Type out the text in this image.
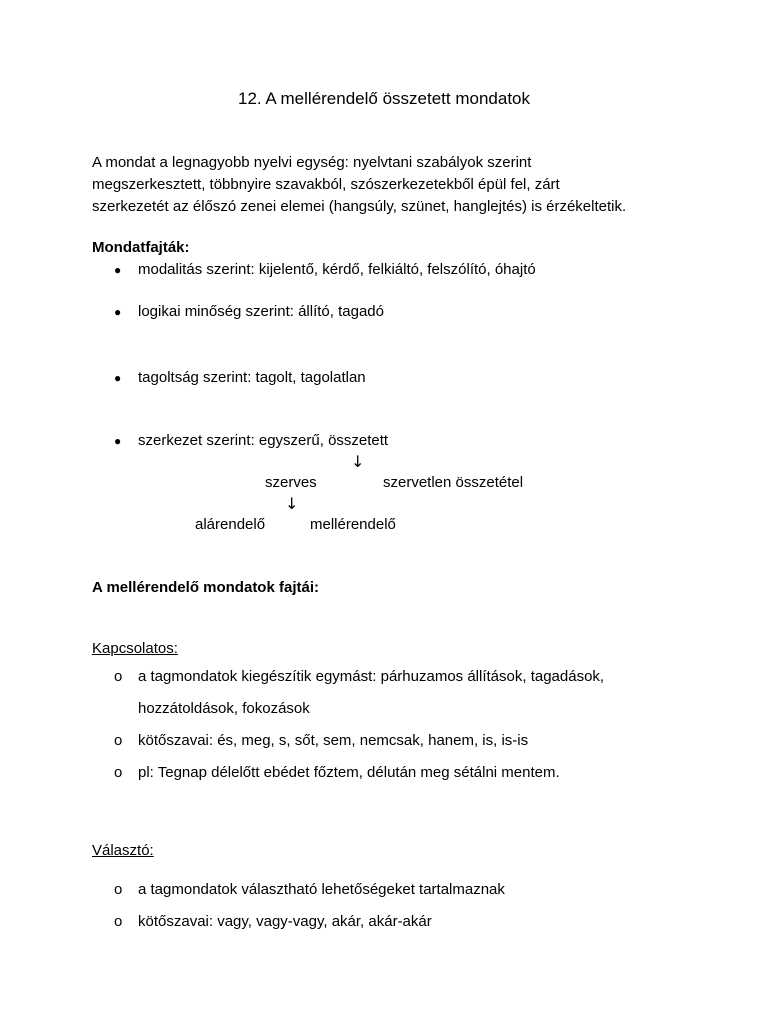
12. A mellérendelő összetett mondatok
A mondat a legnagyobb nyelvi egység: nyelvtani szabályok szerint
megszerkesztett, többnyire szavakból, szószerkezetekből épül fel, zárt
szerkezetét az élőszó zenei elemei (hangsúly, szünet, hanglejtés) is érzékeltetik.
Mondatfajták:
● modalitás szerint: kijelentő, kérdő, felkiáltó, felszólító, óhajtó
● logikai minőség szerint: állító, tagadó
● tagoltság szerint: tagolt, tagolatlan
● szerkezet szerint: egyszerű, összetett
↓
szerves	szervetlen összetétel
↓
alárendelő	mellérendelő
A mellérendelő mondatok fajtái:
Kapcsolatos:
o a tagmondatok kiegészítik egymást: párhuzamos állítások, tagadások,
hozzátoldások, fokozások
o kötőszavai: és, meg, s, sőt, sem, nemcsak, hanem, is, is-is
o pl: Tegnap délelőtt ebédet főztem, délután meg sétálni mentem.
Választó:
o a tagmondatok választható lehetőségeket tartalmaznak
o kötőszavai: vagy, vagy-vagy, akár, akár-akár
